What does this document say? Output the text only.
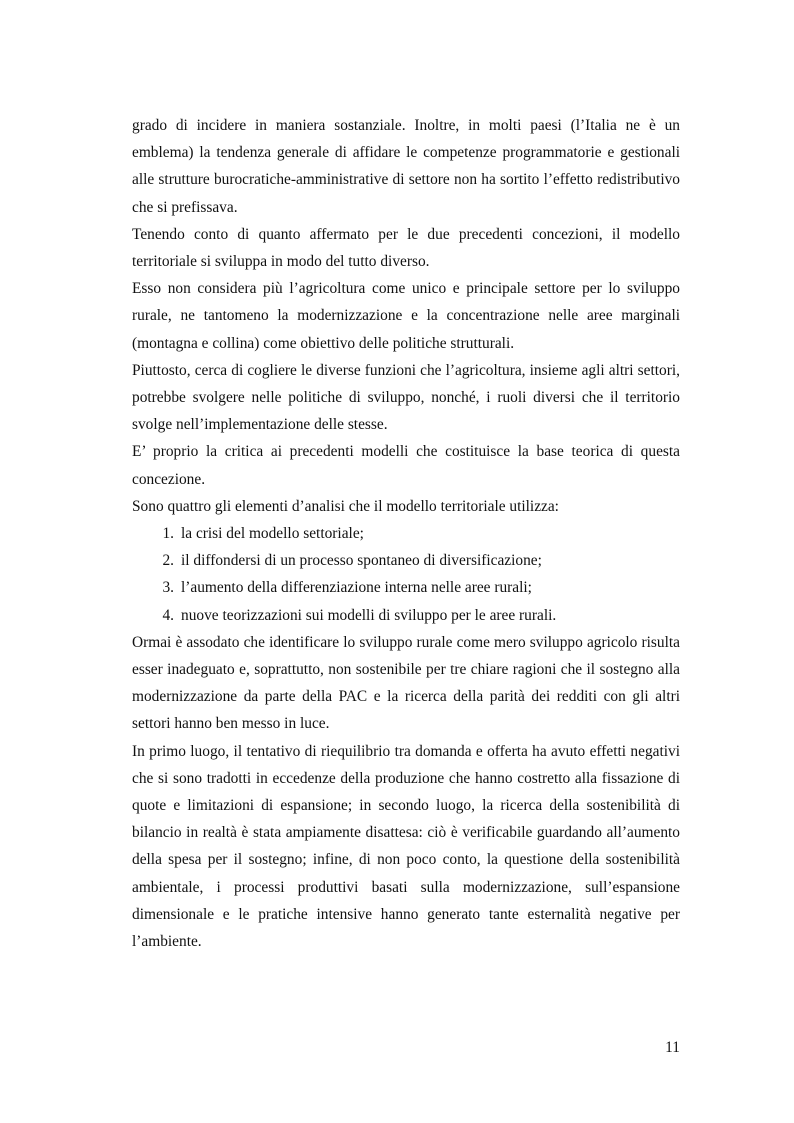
grado di incidere in maniera sostanziale. Inoltre, in molti paesi (l’Italia ne è un emblema) la tendenza generale di affidare le competenze programmatorie e gestionali alle strutture burocratiche-amministrative di settore non ha sortito l’effetto redistributivo che si prefissava.

Tenendo conto di quanto affermato per le due precedenti concezioni, il modello territoriale si sviluppa in modo del tutto diverso.

Esso non considera più l’agricoltura come unico e principale settore per lo sviluppo rurale, ne tantomeno la modernizzazione e la concentrazione nelle aree marginali (montagna e collina) come obiettivo delle politiche strutturali.

Piuttosto, cerca di cogliere le diverse funzioni che l’agricoltura, insieme agli altri settori, potrebbe svolgere nelle politiche di sviluppo, nonché, i ruoli diversi che il territorio svolge nell’implementazione delle stesse.

E’ proprio la critica ai precedenti modelli che costituisce la base teorica di questa concezione.

Sono quattro gli elementi d’analisi che il modello territoriale utilizza:

1. la crisi del modello settoriale;
2. il diffondersi di un processo spontaneo di diversificazione;
3. l’aumento della differenziazione interna nelle aree rurali;
4. nuove teorizzazioni sui modelli di sviluppo per le aree rurali.

Ormai è assodato che identificare lo sviluppo rurale come mero sviluppo agricolo risulta esser inadeguato e, soprattutto, non sostenibile per tre chiare ragioni che il sostegno alla modernizzazione da parte della PAC e la ricerca della parità dei redditi con gli altri settori hanno ben messo in luce.

In primo luogo, il tentativo di riequilibrio tra domanda e offerta ha avuto effetti negativi che si sono tradotti in eccedenze della produzione che hanno costretto alla fissazione di quote e limitazioni di espansione; in secondo luogo, la ricerca della sostenibilità di bilancio in realtà è stata ampiamente disattesa: ciò è verificabile guardando all’aumento della spesa per il sostegno; infine, di non poco conto, la questione della sostenibilità ambientale, i processi produttivi basati sulla modernizzazione, sull’espansione dimensionale e le pratiche intensive hanno generato tante esternalità negative per l’ambiente.

11
